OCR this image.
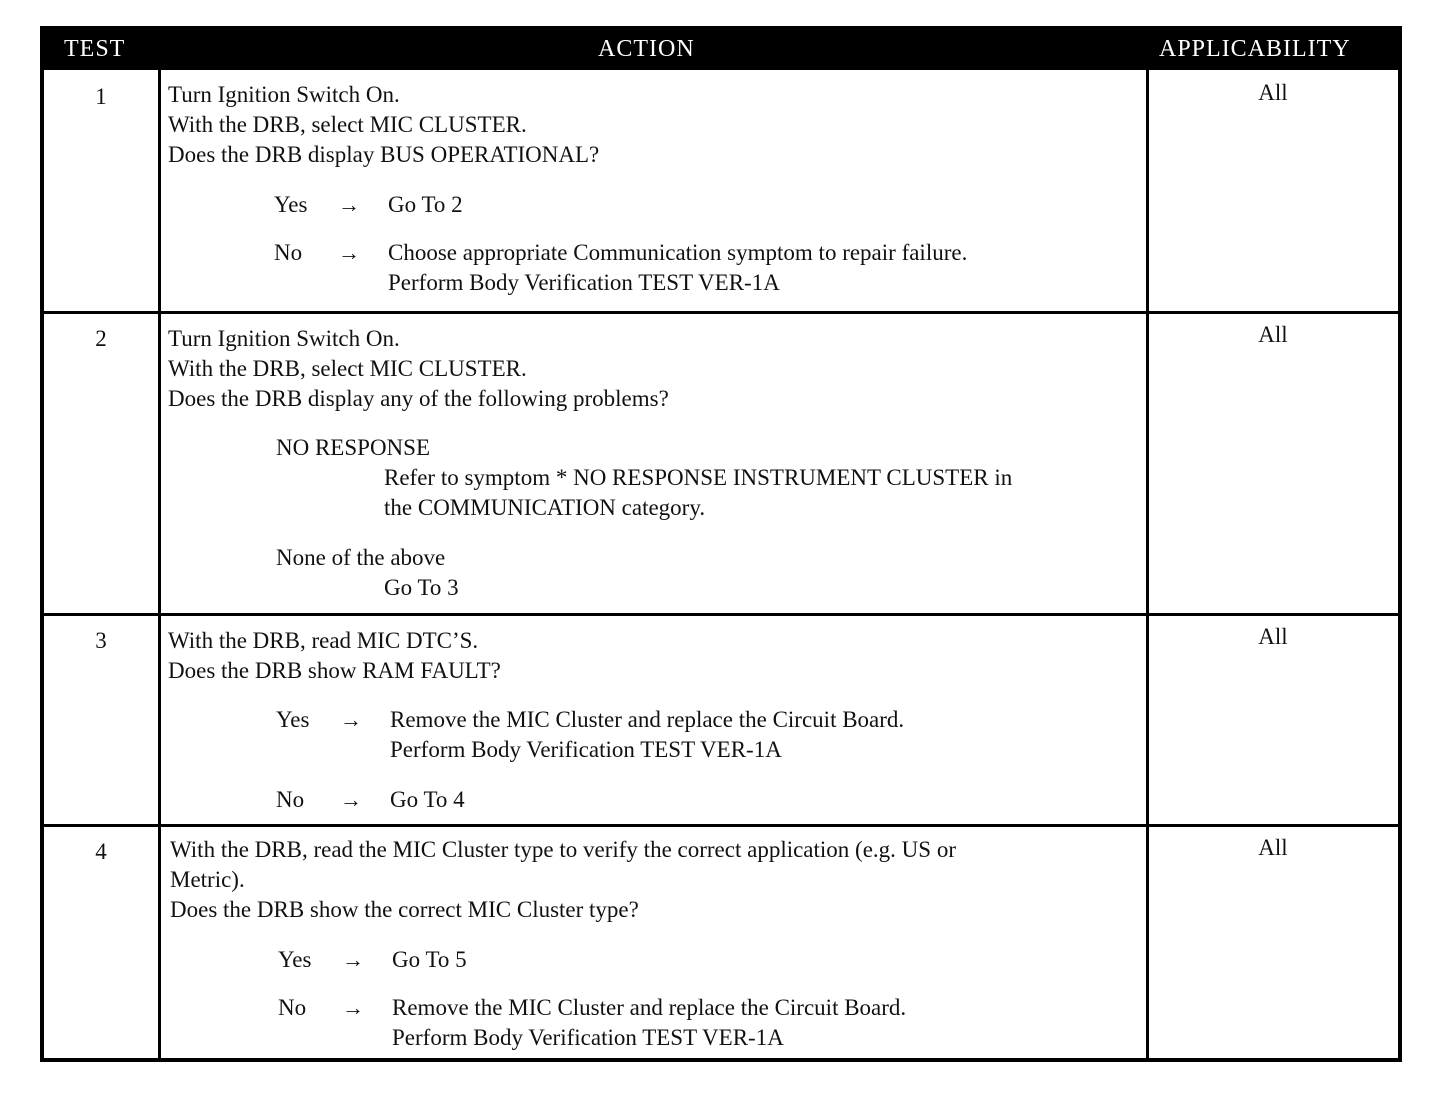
TEST	ACTION	APPLICABILITY
1	Turn Ignition Switch On.
With the DRB, select MIC CLUSTER.
Does the DRB display BUS OPERATIONAL?
Yes → Go To 2
No → Choose appropriate Communication symptom to repair failure.
Perform Body Verification TEST VER-1A
All
2	Turn Ignition Switch On.
With the DRB, select MIC CLUSTER.
Does the DRB display any of the following problems?
NO RESPONSE
Refer to symptom * NO RESPONSE INSTRUMENT CLUSTER in
the COMMUNICATION category.
None of the above
Go To 3
All
3	With the DRB, read MIC DTC’S.
Does the DRB show RAM FAULT?
Yes → Remove the MIC Cluster and replace the Circuit Board.
Perform Body Verification TEST VER-1A
No → Go To 4
All
4	With the DRB, read the MIC Cluster type to verify the correct application (e.g. US or
Metric).
Does the DRB show the correct MIC Cluster type?
Yes → Go To 5
No → Remove the MIC Cluster and replace the Circuit Board.
Perform Body Verification TEST VER-1A
All
